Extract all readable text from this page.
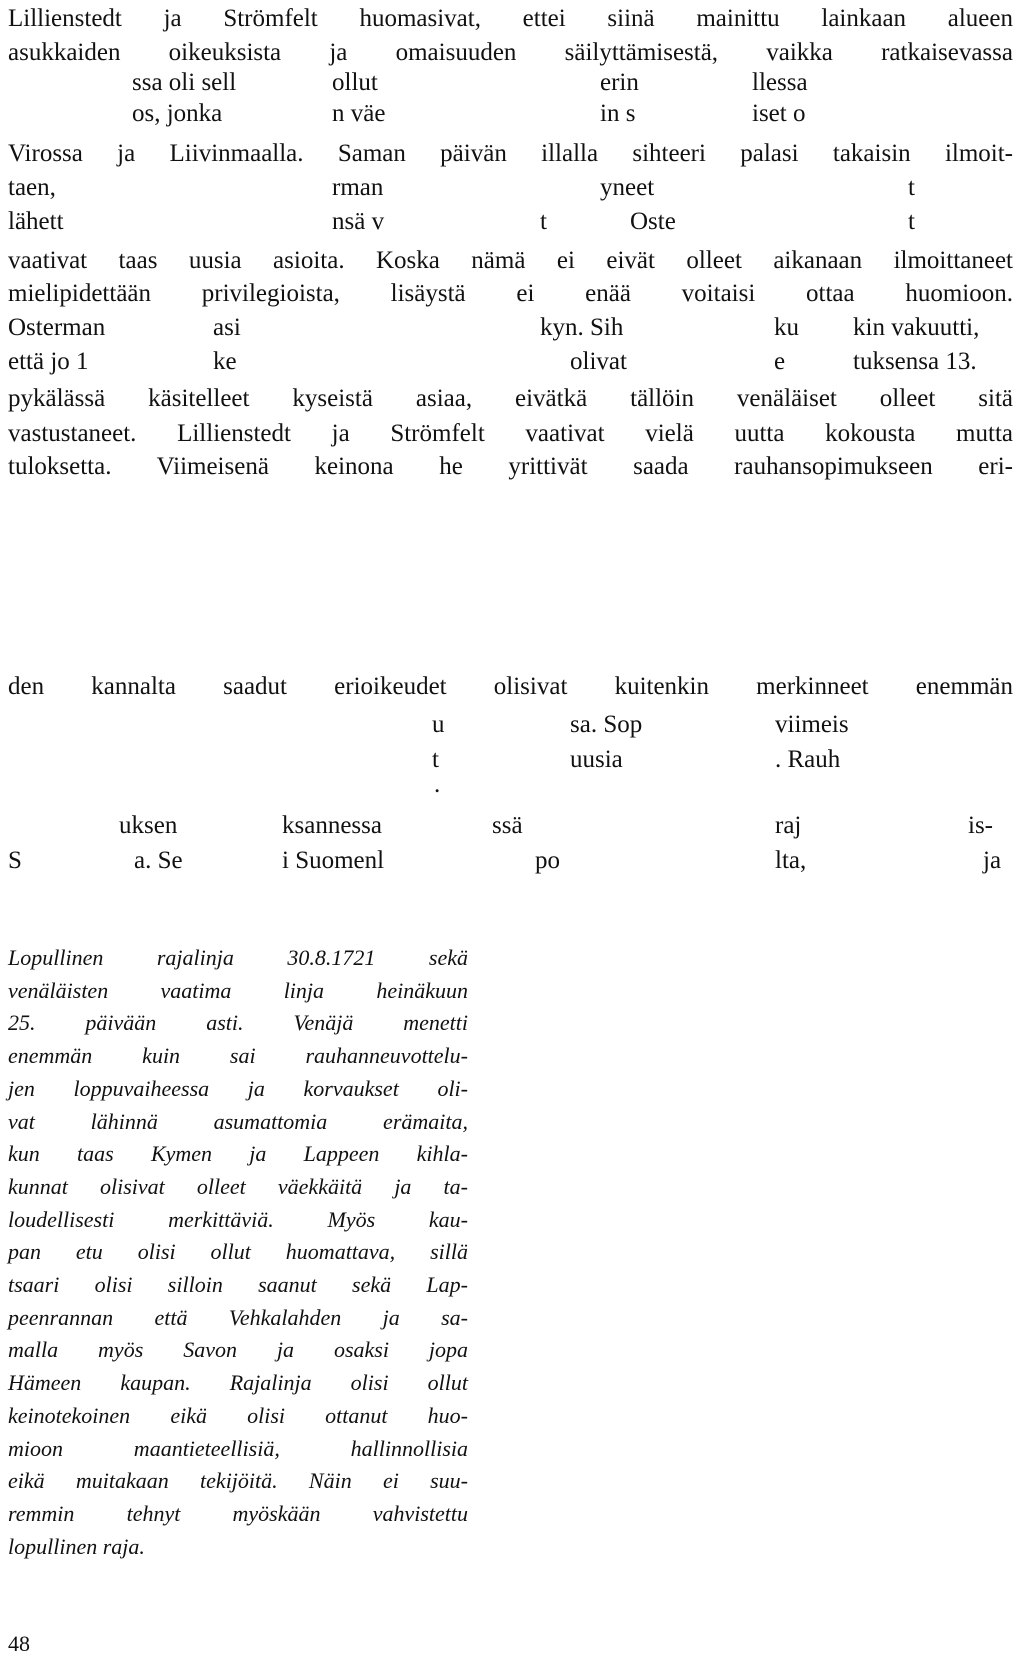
Lillienstedt ja Strömfelt huomasivat, ettei siinä mainittu lainkaan alueen
asukkaiden oikeuksista ja omaisuuden säilyttämisestä, vaikka ratkaisevassa
ssa oli sell	ollut	erin	llessa
os, jonka	n väe	in s	iset o
Virossa ja Liivinmaalla. Saman päivän illalla sihteeri palasi takaisin ilmoit-
taen,	rman	yneet	t
lähett	nsä v	t	Oste	t
vaativat taas uusia asioita. Koska nämä ei eivät olleet aikanaan ilmoittaneet
mielipidettään privilegioista, lisäystä ei enää voitaisi ottaa huomioon.
Osterman	asi	kyn. Sih	ku kin vakuutti,
että jo 1	ke	olivat	e	tuksensa 13.
pykälässä käsitelleet kyseistä asiaa, eivätkä tällöin venäläiset olleet sitä
vastustaneet. Lillienstedt ja Strömfelt vaativat vielä uutta kokousta mutta
tuloksetta. Viimeisenä keinona he yrittivät saada rauhansopimukseen eri-
den kannalta saadut erioikeudet olisivat kuitenkin merkinneet enemmän
u	sa. Sop	viimeis
t	uusia	. Rauh
.
uksen	ksannessa	ssä	raj	is-
S	a. Se	i Suomenl	po	lta,	ja
Lopullinen rajalinja 30.8.1721 sekä
venäläisten vaatima linja heinäkuun
25. päivään asti. Venäjä menetti
enemmän kuin sai rauhanneuvottelu-
jen loppuvaiheessa ja korvaukset oli-
vat lähinnä asumattomia erämaita,
kun taas Kymen ja Lappeen kihla-
kunnat olisivat olleet väekkäitä ja ta-
loudellisesti merkittäviä. Myös kau-
pan etu olisi ollut huomattava, sillä
tsaari olisi silloin saanut sekä Lap-
peenrannan että Vehkalahden ja sa-
malla myös Savon ja osaksi jopa
Hämeen kaupan. Rajalinja olisi ollut
keinotekoinen eikä olisi ottanut huo-
mioon maantieteellisiä, hallinnollisia
eikä muitakaan tekijöitä. Näin ei suu-
remmin tehnyt myöskään vahvistettu
lopullinen raja.
48
